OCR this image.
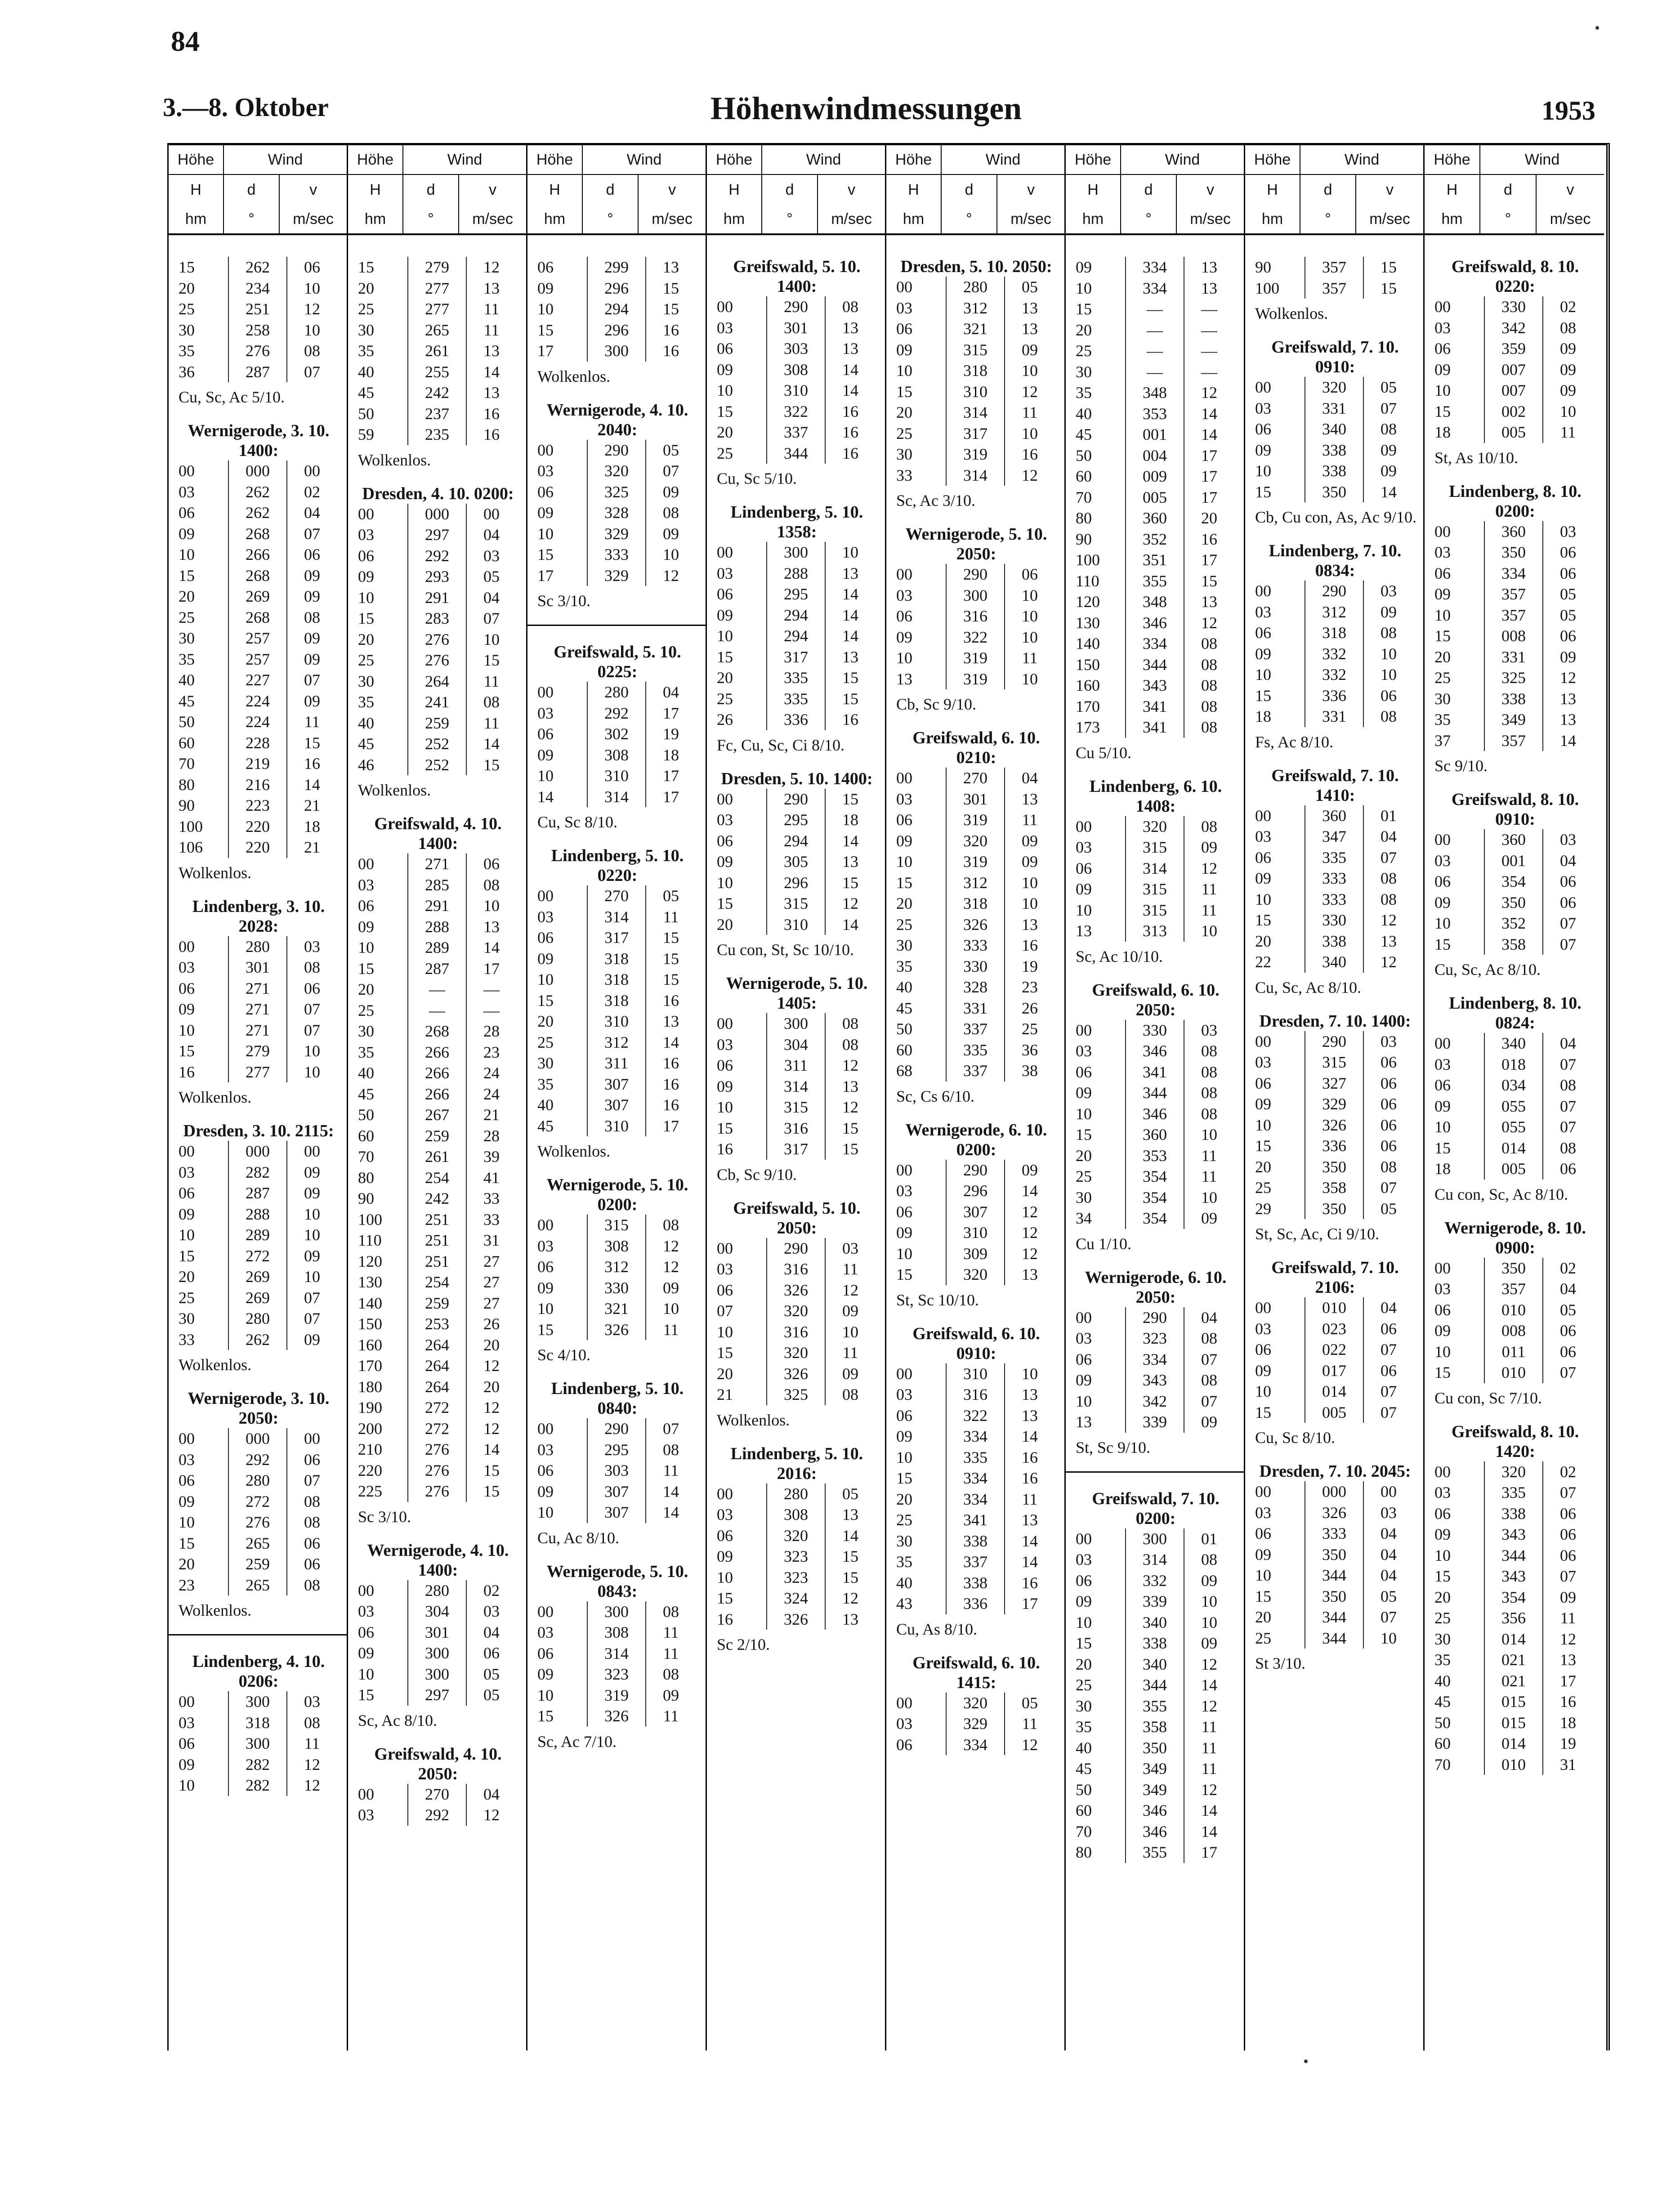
84
3.—8. Oktober	Höhenwindmessungen	1953
Höhe	Wind
H	d	v
hm	°	m/sec
15	262	06
20	234	10
25	251	12
30	258	10
35	276	08
36	287	07
Cu, Sc, Ac 5/10.
Wernigerode, 3. 10. 1400:
00	000	00
03	262	02
06	262	04
09	268	07
10	266	06
15	268	09
20	269	09
25	268	08
30	257	09
35	257	09
40	227	07
45	224	09
50	224	11
60	228	15
70	219	16
80	216	14
90	223	21
100	220	18
106	220	21
Wolkenlos.
Lindenberg, 3. 10. 2028:
00	280	03
03	301	08
06	271	06
09	271	07
10	271	07
15	279	10
16	277	10
Wolkenlos.
Dresden, 3. 10. 2115:
00	000	00
03	282	09
06	287	09
09	288	10
10	289	10
15	272	09
20	269	10
25	269	07
30	280	07
33	262	09
Wolkenlos.
Wernigerode, 3. 10. 2050:
00	000	00
03	292	06
06	280	07
09	272	08
10	276	08
15	265	06
20	259	06
23	265	08
Wolkenlos.
Lindenberg, 4. 10. 0206:
00	300	03
03	318	08
06	300	11
09	282	12
10	282	12
Höhe	Wind
H	d	v
hm	°	m/sec
15	279	12
20	277	13
25	277	11
30	265	11
35	261	13
40	255	14
45	242	13
50	237	16
59	235	16
Wolkenlos.
Dresden, 4. 10. 0200:
00	000	00
03	297	04
06	292	03
09	293	05
10	291	04
15	283	07
20	276	10
25	276	15
30	264	11
35	241	08
40	259	11
45	252	14
46	252	15
Wolkenlos.
Greifswald, 4. 10. 1400:
00	271	06
03	285	08
06	291	10
09	288	13
10	289	14
15	287	17
20	—	—
25	—	—
30	268	28
35	266	23
40	266	24
45	266	24
50	267	21
60	259	28
70	261	39
80	254	41
90	242	33
100	251	33
110	251	31
120	251	27
130	254	27
140	259	27
150	253	26
160	264	20
170	264	12
180	264	20
190	272	12
200	272	12
210	276	14
220	276	15
225	276	15
Sc 3/10.
Wernigerode, 4. 10. 1400:
00	280	02
03	304	03
06	301	04
09	300	06
10	300	05
15	297	05
Sc, Ac 8/10.
Greifswald, 4. 10. 2050:
00	270	04
03	292	12
Höhe	Wind
H	d	v
hm	°	m/sec
06	299	13
09	296	15
10	294	15
15	296	16
17	300	16
Wolkenlos.
Wernigerode, 4. 10. 2040:
00	290	05
03	320	07
06	325	09
09	328	08
10	329	09
15	333	10
17	329	12
Sc 3/10.
Greifswald, 5. 10. 0225:
00	280	04
03	292	17
06	302	19
09	308	18
10	310	17
14	314	17
Cu, Sc 8/10.
Lindenberg, 5. 10. 0220:
00	270	05
03	314	11
06	317	15
09	318	15
10	318	15
15	318	16
20	310	13
25	312	14
30	311	16
35	307	16
40	307	16
45	310	17
Wolkenlos.
Wernigerode, 5. 10. 0200:
00	315	08
03	308	12
06	312	12
09	330	09
10	321	10
15	326	11
Sc 4/10.
Lindenberg, 5. 10. 0840:
00	290	07
03	295	08
06	303	11
09	307	14
10	307	14
Cu, Ac 8/10.
Wernigerode, 5. 10. 0843:
00	300	08
03	308	11
06	314	11
09	323	08
10	319	09
15	326	11
Sc, Ac 7/10.
Höhe	Wind
H	d	v
hm	°	m/sec
Greifswald, 5. 10. 1400:
00	290	08
03	301	13
06	303	13
09	308	14
10	310	14
15	322	16
20	337	16
25	344	16
Cu, Sc 5/10.
Lindenberg, 5. 10. 1358:
00	300	10
03	288	13
06	295	14
09	294	14
10	294	14
15	317	13
20	335	15
25	335	15
26	336	16
Fc, Cu, Sc, Ci 8/10.
Dresden, 5. 10. 1400:
00	290	15
03	295	18
06	294	14
09	305	13
10	296	15
15	315	12
20	310	14
Cu con, St, Sc 10/10.
Wernigerode, 5. 10. 1405:
00	300	08
03	304	08
06	311	12
09	314	13
10	315	12
15	316	15
16	317	15
Cb, Sc 9/10.
Greifswald, 5. 10. 2050:
00	290	03
03	316	11
06	326	12
07	320	09
10	316	10
15	320	11
20	326	09
21	325	08
Wolkenlos.
Lindenberg, 5. 10. 2016:
00	280	05
03	308	13
06	320	14
09	323	15
10	323	15
15	324	12
16	326	13
Sc 2/10.
Höhe	Wind
H	d	v
hm	°	m/sec
Dresden, 5. 10. 2050:
00	280	05
03	312	13
06	321	13
09	315	09
10	318	10
15	310	12
20	314	11
25	317	10
30	319	16
33	314	12
Sc, Ac 3/10.
Wernigerode, 5. 10. 2050:
00	290	06
03	300	10
06	316	10
09	322	10
10	319	11
13	319	10
Cb, Sc 9/10.
Greifswald, 6. 10. 0210:
00	270	04
03	301	13
06	319	11
09	320	09
10	319	09
15	312	10
20	318	10
25	326	13
30	333	16
35	330	19
40	328	23
45	331	26
50	337	25
60	335	36
68	337	38
Sc, Cs 6/10.
Wernigerode, 6. 10. 0200:
00	290	09
03	296	14
06	307	12
09	310	12
10	309	12
15	320	13
St, Sc 10/10.
Greifswald, 6. 10. 0910:
00	310	10
03	316	13
06	322	13
09	334	14
10	335	16
15	334	16
20	334	11
25	341	13
30	338	14
35	337	14
40	338	16
43	336	17
Cu, As 8/10.
Greifswald, 6. 10. 1415:
00	320	05
03	329	11
06	334	12
Höhe	Wind
H	d	v
hm	°	m/sec
09	334	13
10	334	13
15	—	—
20	—	—
25	—	—
30	—	—
35	348	12
40	353	14
45	001	14
50	004	17
60	009	17
70	005	17
80	360	20
90	352	16
100	351	17
110	355	15
120	348	13
130	346	12
140	334	08
150	344	08
160	343	08
170	341	08
173	341	08
Cu 5/10.
Lindenberg, 6. 10. 1408:
00	320	08
03	315	09
06	314	12
09	315	11
10	315	11
13	313	10
Sc, Ac 10/10.
Greifswald, 6. 10. 2050:
00	330	03
03	346	08
06	341	08
09	344	08
10	346	08
15	360	10
20	353	11
25	354	11
30	354	10
34	354	09
Cu 1/10.
Wernigerode, 6. 10. 2050:
00	290	04
03	323	08
06	334	07
09	343	08
10	342	07
13	339	09
St, Sc 9/10.
Greifswald, 7. 10. 0200:
00	300	01
03	314	08
06	332	09
09	339	10
10	340	10
15	338	09
20	340	12
25	344	14
30	355	12
35	358	11
40	350	11
45	349	11
50	349	12
60	346	14
70	346	14
80	355	17
Höhe	Wind
H	d	v
hm	°	m/sec
90	357	15
100	357	15
Wolkenlos.
Greifswald, 7. 10. 0910:
00	320	05
03	331	07
06	340	08
09	338	09
10	338	09
15	350	14
Cb, Cu con, As, Ac 9/10.
Lindenberg, 7. 10. 0834:
00	290	03
03	312	09
06	318	08
09	332	10
10	332	10
15	336	06
18	331	08
Fs, Ac 8/10.
Greifswald, 7. 10. 1410:
00	360	01
03	347	04
06	335	07
09	333	08
10	333	08
15	330	12
20	338	13
22	340	12
Cu, Sc, Ac 8/10.
Dresden, 7. 10. 1400:
00	290	03
03	315	06
06	327	06
09	329	06
10	326	06
15	336	06
20	350	08
25	358	07
29	350	05
St, Sc, Ac, Ci 9/10.
Greifswald, 7. 10. 2106:
00	010	04
03	023	06
06	022	07
09	017	06
10	014	07
15	005	07
Cu, Sc 8/10.
Dresden, 7. 10. 2045:
00	000	00
03	326	03
06	333	04
09	350	04
10	344	04
15	350	05
20	344	07
25	344	10
St 3/10.
Höhe	Wind
H	d	v
hm	°	m/sec
Greifswald, 8. 10. 0220:
00	330	02
03	342	08
06	359	09
09	007	09
10	007	09
15	002	10
18	005	11
St, As 10/10.
Lindenberg, 8. 10. 0200:
00	360	03
03	350	06
06	334	06
09	357	05
10	357	05
15	008	06
20	331	09
25	325	12
30	338	13
35	349	13
37	357	14
Sc 9/10.
Greifswald, 8. 10. 0910:
00	360	03
03	001	04
06	354	06
09	350	06
10	352	07
15	358	07
Cu, Sc, Ac 8/10.
Lindenberg, 8. 10. 0824:
00	340	04
03	018	07
06	034	08
09	055	07
10	055	07
15	014	08
18	005	06
Cu con, Sc, Ac 8/10.
Wernigerode, 8. 10. 0900:
00	350	02
03	357	04
06	010	05
09	008	06
10	011	06
15	010	07
Cu con, Sc 7/10.
Greifswald, 8. 10. 1420:
00	320	02
03	335	07
06	338	06
09	343	06
10	344	06
15	343	07
20	354	09
25	356	11
30	014	12
35	021	13
40	021	17
45	015	16
50	015	18
60	014	19
70	010	31
